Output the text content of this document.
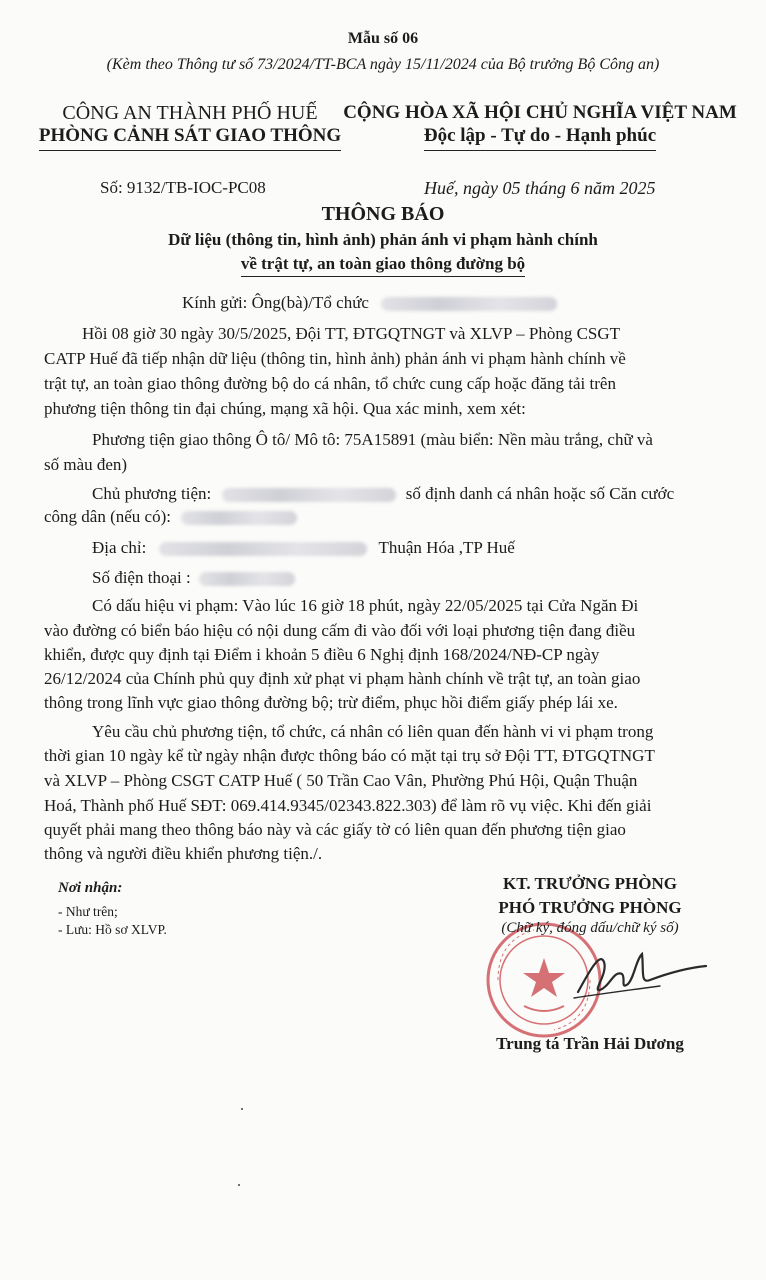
Mẫu số 06
(Kèm theo Thông tư số 73/2024/TT-BCA ngày 15/11/2024 của Bộ trưởng Bộ Công an)
CÔNG AN THÀNH PHỐ HUẾ
PHÒNG CẢNH SÁT GIAO THÔNG
CỘNG HÒA XÃ HỘI CHỦ NGHĨA VIỆT NAM
Độc lập - Tự do - Hạnh phúc
Số: 9132/TB-IOC-PC08	Huế, ngày 05 tháng 6 năm 2025
THÔNG BÁO
Dữ liệu (thông tin, hình ảnh) phản ánh vi phạm hành chính
về trật tự, an toàn giao thông đường bộ
Kính gửi: Ông(bà)/Tổ chức
Hồi 08 giờ 30 ngày 30/5/2025, Đội TT, ĐTGQTNGT và XLVP – Phòng CSGT
CATP Huế đã tiếp nhận dữ liệu (thông tin, hình ảnh) phản ánh vi phạm hành chính về
trật tự, an toàn giao thông đường bộ do cá nhân, tổ chức cung cấp hoặc đăng tải trên
phương tiện thông tin đại chúng, mạng xã hội. Qua xác minh, xem xét:
Phương tiện giao thông Ô tô/ Mô tô: 75A15891 (màu biển: Nền màu trắng, chữ và
số màu đen)
Chủ phương tiện:	số định danh cá nhân hoặc số Căn cước
công dân (nếu có):
Địa chỉ:	Thuận Hóa ,TP Huế
Số điện thoại :
Có dấu hiệu vi phạm: Vào lúc 16 giờ 18 phút, ngày 22/05/2025 tại Cửa Ngăn Đi
vào đường có biển báo hiệu có nội dung cấm đi vào đối với loại phương tiện đang điều
khiển, được quy định tại Điểm i khoản 5 điều 6 Nghị định 168/2024/NĐ-CP ngày
26/12/2024 của Chính phủ quy định xử phạt vi phạm hành chính về trật tự, an toàn giao
thông trong lĩnh vực giao thông đường bộ; trừ điểm, phục hồi điểm giấy phép lái xe.
Yêu cầu chủ phương tiện, tổ chức, cá nhân có liên quan đến hành vi vi phạm trong
thời gian 10 ngày kể từ ngày nhận được thông báo có mặt tại trụ sở Đội TT, ĐTGQTNGT
và XLVP – Phòng CSGT CATP Huế ( 50 Trần Cao Vân, Phường Phú Hội, Quận Thuận
Hoá, Thành phố Huế SĐT: 069.414.9345/02343.822.303) để làm rõ vụ việc. Khi đến giải
quyết phải mang theo thông báo này và các giấy tờ có liên quan đến phương tiện giao
thông và người điều khiển phương tiện./.
Nơi nhận:
- Như trên;
- Lưu: Hồ sơ XLVP.
KT. TRƯỞNG PHÒNG
PHÓ TRƯỞNG PHÒNG
(Chữ ký, đóng dấu/chữ ký số)
Trung tá Trần Hải Dương
